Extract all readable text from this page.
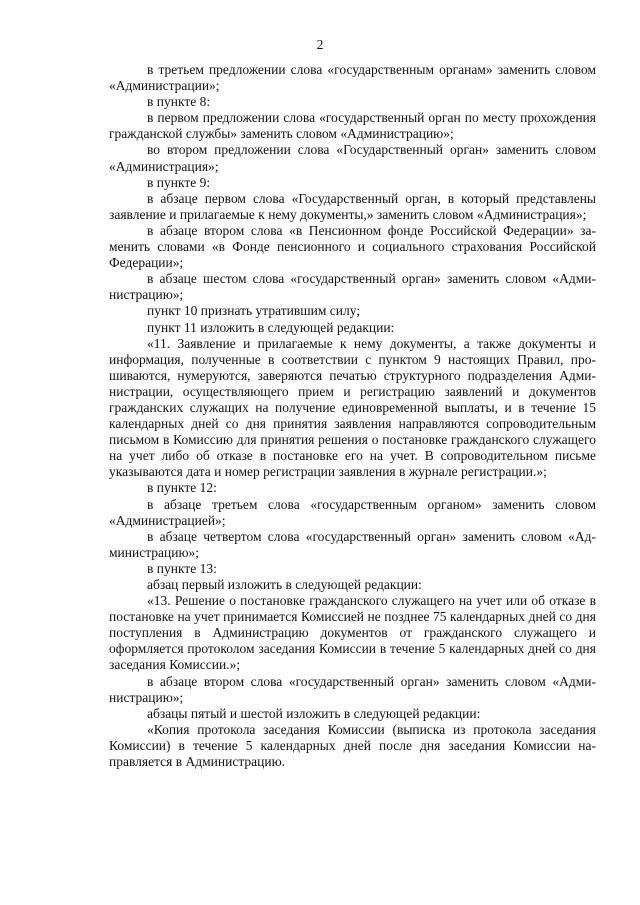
2

в третьем предложении слова «государственным органам» заменить словом «Администрации»;

в пункте 8:

в первом предложении слова «государственный орган по месту прохождения гражданской службы» заменить словом «Администрацию»;

во втором предложении слова «Государственный орган» заменить словом «Администрация»;

в пункте 9:

в абзаце первом слова «Государственный орган, в который представлены заявление и прилагаемые к нему документы,» заменить словом «Администрация»;

в абзаце втором слова «в Пенсионном фонде Российской Федерации» заменить словами «в Фонде пенсионного и социального страхования Российской Федерации»;

в абзаце шестом слова «государственный орган» заменить словом «Администрацию»;

пункт 10 признать утратившим силу;

пункт 11 изложить в следующей редакции:

«11. Заявление и прилагаемые к нему документы, а также документы и информация, полученные в соответствии с пунктом 9 настоящих Правил, прошиваются, нумеруются, заверяются печатью структурного подразделения Администрации, осуществляющего прием и регистрацию заявлений и документов гражданских служащих на получение единовременной выплаты, и в течение 15 календарных дней со дня принятия заявления направляются сопроводительным письмом в Комиссию для принятия решения о постановке гражданского служащего на учет либо об отказе в постановке его на учет. В сопроводительном письме указываются дата и номер регистрации заявления в журнале регистрации.»;

в пункте 12:

в абзаце третьем слова «государственным органом» заменить словом «Администрацией»;

в абзаце четвертом слова «государственный орган» заменить словом «Администрацию»;

в пункте 13:

абзац первый изложить в следующей редакции:

«13. Решение о постановке гражданского служащего на учет или об отказе в постановке на учет принимается Комиссией не позднее 75 календарных дней со дня поступления в Администрацию документов от гражданского служащего и оформляется протоколом заседания Комиссии в течение 5 календарных дней со дня заседания Комиссии.»;

в абзаце втором слова «государственный орган» заменить словом «Администрацию»;

абзацы пятый и шестой изложить в следующей редакции:

«Копия протокола заседания Комиссии (выписка из протокола заседания Комиссии) в течение 5 календарных дней после дня заседания Комиссии направляется в Администрацию.
